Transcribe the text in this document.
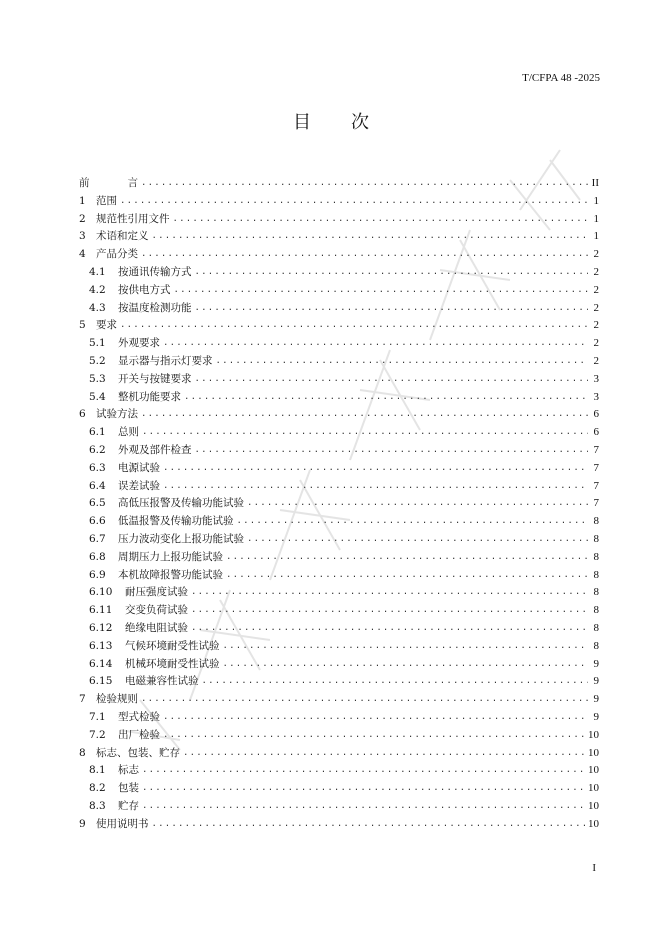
T/CFPA 48 -2025
目 次
前	言 .....	II
1 范围 .....	1
2 规范性引用文件 .....	1
3 术语和定义 .....	1
4 产品分类 .....	2
4.1	按通讯传输方式 .....	2
4.2	按供电方式 .....	2
4.3	按温度检测功能 .....	2
5 要求 .....	2
5.1	外观要求 .....	2
5.2	显示器与指示灯要求 .....	2
5.3	开关与按键要求 .....	3
5.4	整机功能要求 .....	3
6 试验方法 .....	6
6.1	总则 .....	6
6.2	外观及部件检查 .....	7
6.3	电源试验 .....	7
6.4	误差试验 .....	7
6.5	高低压报警及传输功能试验 .....	7
6.6	低温报警及传输功能试验 .....	8
6.7	压力波动变化上报功能试验 .....	8
6.8	周期压力上报功能试验 .....	8
6.9	本机故障报警功能试验 .....	8
6.10	耐压强度试验 .....	8
6.11	交变负荷试验 .....	8
6.12	绝缘电阻试验 .....	8
6.13	气候环境耐受性试验 .....	8
6.14	机械环境耐受性试验 .....	9
6.15	电磁兼容性试验 .....	9
7 检验规则 .....	9
7.1	型式检验 .....	9
7.2	出厂检验 .....	10
8 标志、包装、贮存 .....	10
8.1	标志 .....	10
8.2	包装 .....	10
8.3	贮存 .....	10
9 使用说明书 .....	10
I
